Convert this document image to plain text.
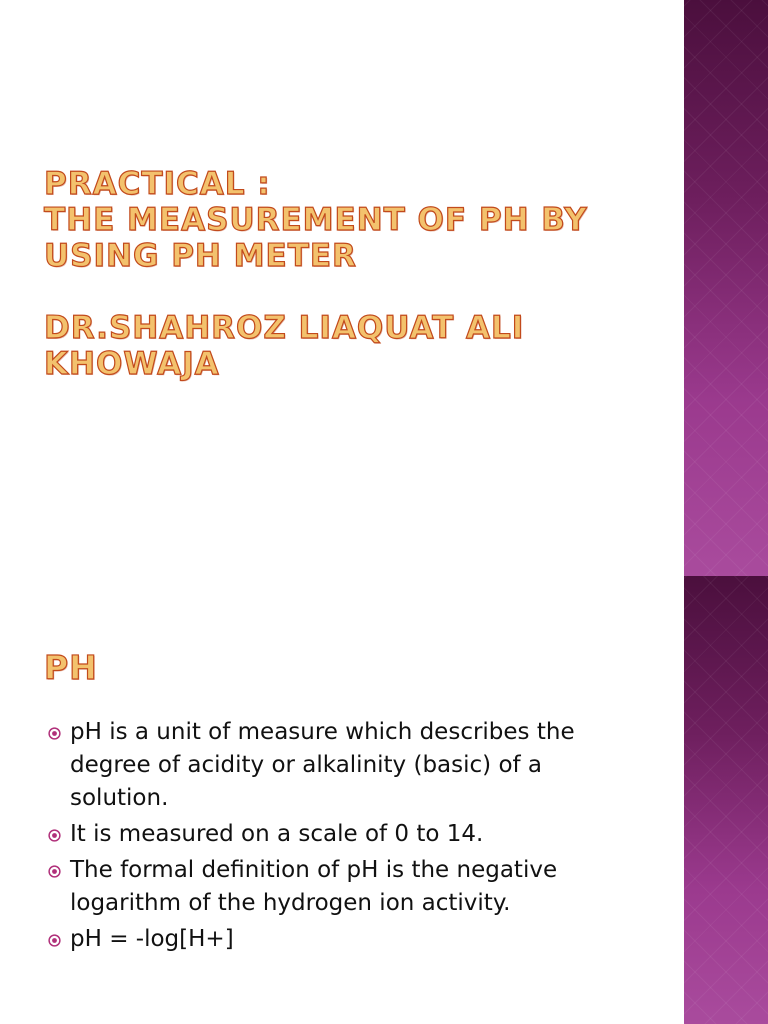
PRACTICAL :
THE MEASUREMENT OF PH BY
USING PH METER
DR.SHAHROZ LIAQUAT ALI
KHOWAJA
PH
pH is a unit of measure which describes the degree of acidity or alkalinity (basic) of a solution.
It is measured on a scale of 0 to 14.
The formal definition of pH is the negative logarithm of the hydrogen ion activity.
pH = -log[H+]
